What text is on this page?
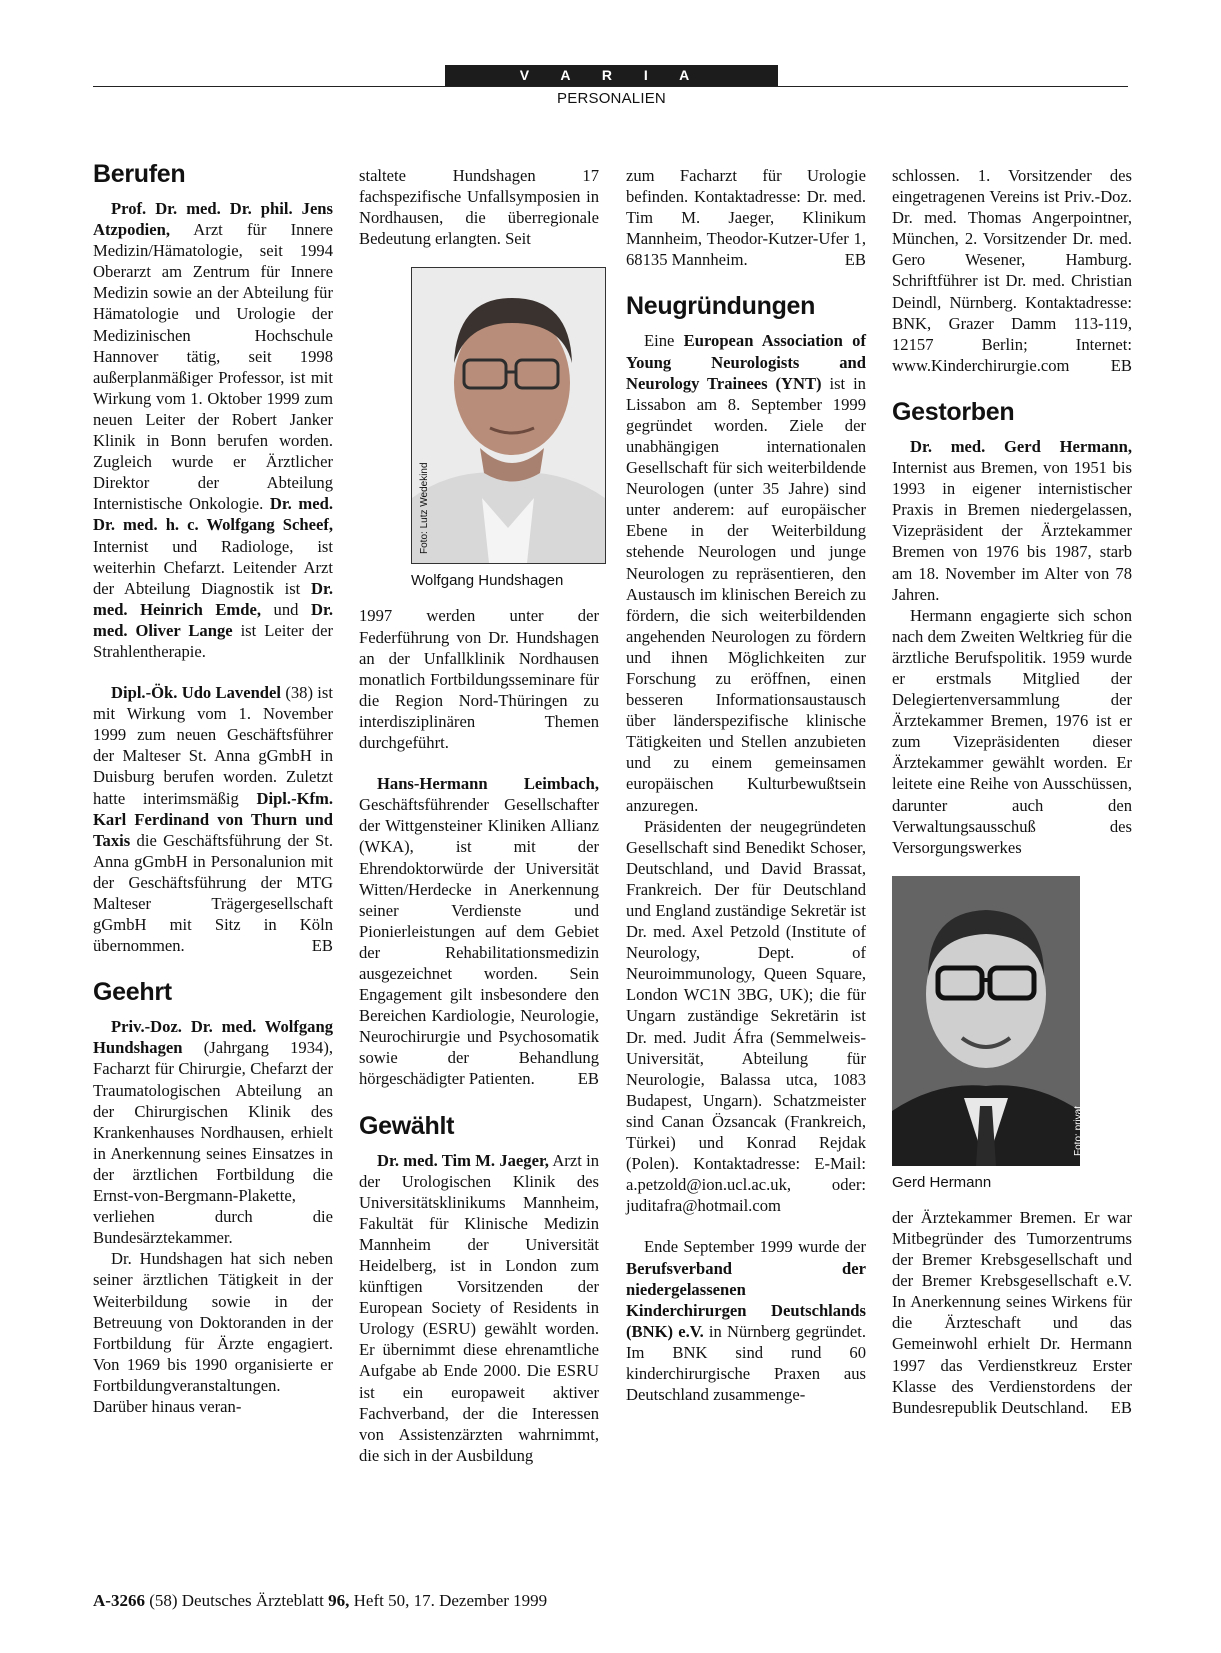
V A R I A
PERSONALIEN
Berufen

Prof. Dr. med. Dr. phil. Jens Atzpodien, Arzt für Innere Medizin/Hämatologie, seit 1994 Oberarzt am Zentrum für Innere Medizin sowie an der Abteilung für Hämatologie und Urologie der Medizinischen Hochschule Hannover tätig, seit 1998 außerplanmäßiger Professor, ist mit Wirkung vom 1. Oktober 1999 zum neuen Leiter der Robert Janker Klinik in Bonn berufen worden. Zugleich wurde er Ärztlicher Direktor der Abteilung Internistische Onkologie. Dr. med. Dr. med. h. c. Wolfgang Scheef, Internist und Radiologe, ist weiterhin Chefarzt. Leitender Arzt der Abteilung Diagnostik ist Dr. med. Heinrich Emde, und Dr. med. Oliver Lange ist Leiter der Strahlentherapie.

Dipl.-Ök. Udo Lavendel (38) ist mit Wirkung vom 1. November 1999 zum neuen Geschäftsführer der Malteser St. Anna gGmbH in Duisburg berufen worden. Zuletzt hatte interimsmäßig Dipl.-Kfm. Karl Ferdinand von Thurn und Taxis die Geschäftsführung der St. Anna gGmbH in Personalunion mit der Geschäftsführung der MTG Malteser Trägergesellschaft gGmbH mit Sitz in Köln übernommen.	EB

Geehrt

Priv.-Doz. Dr. med. Wolfgang Hundshagen (Jahrgang 1934), Facharzt für Chirurgie, Chefarzt der Traumatologischen Abteilung an der Chirurgischen Klinik des Krankenhauses Nordhausen, erhielt in Anerkennung seines Einsatzes in der ärztlichen Fortbildung die Ernst-von-Bergmann-Plakette, verliehen durch die Bundesärztekammer.

Dr. Hundshagen hat sich neben seiner ärztlichen Tätigkeit in der Weiterbildung sowie in der Betreuung von Doktoranden in der Fortbildung für Ärzte engagiert. Von 1969 bis 1990 organisierte er Fortbildungveranstaltungen. Darüber hinaus veran-

staltete Hundshagen 17 fachspezifische Unfallsymposien in Nordhausen, die überregionale Bedeutung erlangten. Seit

Foto: Lutz Wedekind
Wolfgang Hundshagen

1997 werden unter der Federführung von Dr. Hundshagen an der Unfallklinik Nordhausen monatlich Fortbildungsseminare für die Region Nord-Thüringen zu interdisziplinären Themen durchgeführt.

Hans-Hermann Leimbach, Geschäftsführender Gesellschafter der Wittgensteiner Kliniken Allianz (WKA), ist mit der Ehrendoktorwürde der Universität Witten/Herdecke in Anerkennung seiner Verdienste und Pionierleistungen auf dem Gebiet der Rehabilitationsmedizin ausgezeichnet worden. Sein Engagement gilt insbesondere den Bereichen Kardiologie, Neurologie, Neurochirurgie und Psychosomatik sowie der Behandlung hörgeschädigter Patienten.	EB

Gewählt

Dr. med. Tim M. Jaeger, Arzt in der Urologischen Klinik des Universitätsklinikums Mannheim, Fakultät für Klinische Medizin Mannheim der Universität Heidelberg, ist in London zum künftigen Vorsitzenden der European Society of Residents in Urology (ESRU) gewählt worden. Er übernimmt diese ehrenamtliche Aufgabe ab Ende 2000. Die ESRU ist ein europaweit aktiver Fachverband, der die Interessen von Assistenzärzten wahrnimmt, die sich in der Ausbildung

zum Facharzt für Urologie befinden. Kontaktadresse: Dr. med. Tim M. Jaeger, Klinikum Mannheim, Theodor-Kutzer-Ufer 1, 68135 Mannheim.	EB

Neugründungen

Eine European Association of Young Neurologists and Neurology Trainees (YNT) ist in Lissabon am 8. September 1999 gegründet worden. Ziele der unabhängigen internationalen Gesellschaft für sich weiterbildende Neurologen (unter 35 Jahre) sind unter anderem: auf europäischer Ebene in der Weiterbildung stehende Neurologen und junge Neurologen zu repräsentieren, den Austausch im klinischen Bereich zu fördern, die sich weiterbildenden angehenden Neurologen zu fördern und ihnen Möglichkeiten zur Forschung zu eröffnen, einen besseren Informationsaustausch über länderspezifische klinische Tätigkeiten und Stellen anzubieten und zu einem gemeinsamen europäischen Kulturbewußtsein anzuregen.

Präsidenten der neugegründeten Gesellschaft sind Benedikt Schoser, Deutschland, und David Brassat, Frankreich. Der für Deutschland und England zuständige Sekretär ist Dr. med. Axel Petzold (Institute of Neurology, Dept. of Neuroimmunology, Queen Square, London WC1N 3BG, UK); die für Ungarn zuständige Sekretärin ist Dr. med. Judit Áfra (Semmelweis-Universität, Abteilung für Neurologie, Balassa utca, 1083 Budapest, Ungarn). Schatzmeister sind Canan Özsancak (Frankreich, Türkei) und Konrad Rejdak (Polen). Kontaktadresse: E-Mail: a.petzold@ion.ucl.ac.uk, oder: juditafra@hotmail.com

Ende September 1999 wurde der Berufsverband der niedergelassenen Kinderchirurgen Deutschlands (BNK) e.V. in Nürnberg gegründet. Im BNK sind rund 60 kinderchirurgische Praxen aus Deutschland zusammenge-

schlossen. 1. Vorsitzender des eingetragenen Vereins ist Priv.-Doz. Dr. med. Thomas Angerpointner, München, 2. Vorsitzender Dr. med. Gero Wesener, Hamburg. Schriftführer ist Dr. med. Christian Deindl, Nürnberg. Kontaktadresse: BNK, Grazer Damm 113-119, 12157 Berlin; Internet: www.Kinderchirurgie.com EB

Gestorben

Dr. med. Gerd Hermann, Internist aus Bremen, von 1951 bis 1993 in eigener internistischer Praxis in Bremen niedergelassen, Vizepräsident der Ärztekammer Bremen von 1976 bis 1987, starb am 18. November im Alter von 78 Jahren.

Hermann engagierte sich schon nach dem Zweiten Weltkrieg für die ärztliche Berufspolitik. 1959 wurde er erstmals Mitglied der Delegiertenversammlung der Ärztekammer Bremen, 1976 ist er zum Vizepräsidenten dieser Ärztekammer gewählt worden. Er leitete eine Reihe von Ausschüssen, darunter auch den Verwaltungsausschuß des Versorgungswerkes

Foto: privat
Gerd Hermann

der Ärztekammer Bremen. Er war Mitbegründer des Tumorzentrums der Bremer Krebsgesellschaft und der Bremer Krebsgesellschaft e.V. In Anerkennung seines Wirkens für die Ärzteschaft und das Gemeinwohl erhielt Dr. Hermann 1997 das Verdienstkreuz Erster Klasse des Verdienstordens der Bundesrepublik Deutschland. EB

A-3266 (58) Deutsches Ärzteblatt 96, Heft 50, 17. Dezember 1999
